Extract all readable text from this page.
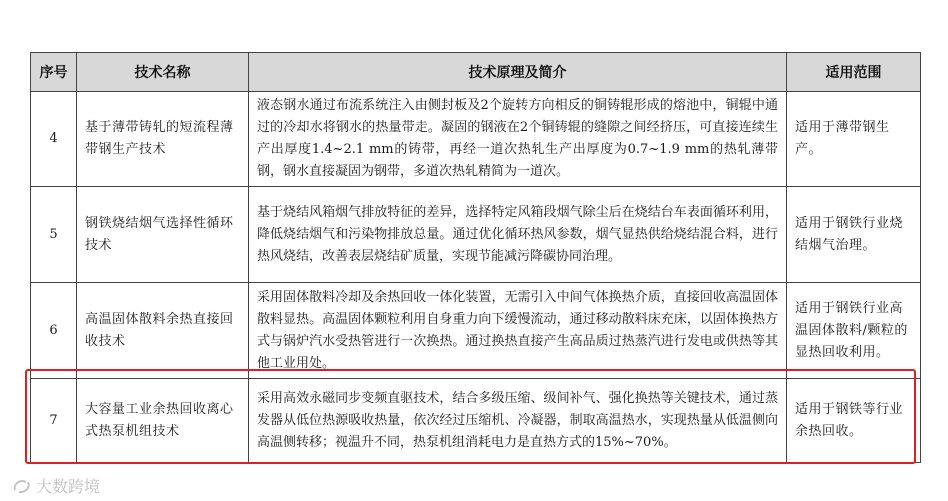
序号	技术名称	技术原理及简介	适用范围
4	基于薄带铸轧的短流程薄带钢生产技术	液态钢水通过布流系统注入由侧封板及2个旋转方向相反的铜铸辊形成的熔池中，铜辊中通过的冷却水将钢水的热量带走。凝固的钢液在2个铜铸辊的缝隙之间经挤压，可直接连续生产出厚度1.4~2.1 mm的铸带，再经一道次热轧生产出厚度为0.7~1.9 mm的热轧薄带钢，钢水直接凝固为钢带，多道次热轧精简为一道次。	适用于薄带钢生产。
5	钢铁烧结烟气选择性循环技术	基于烧结风箱烟气排放特征的差异，选择特定风箱段烟气除尘后在烧结台车表面循环利用，降低烧结烟气和污染物排放总量。通过优化循环热风参数，烟气显热供给烧结混合料，进行热风烧结，改善表层烧结矿质量，实现节能减污降碳协同治理。	适用于钢铁行业烧结烟气治理。
6	高温固体散料余热直接回收技术	采用固体散料冷却及余热回收一体化装置，无需引入中间气体换热介质，直接回收高温固体散料显热。高温固体颗粒利用自身重力向下缓慢流动，通过移动散料床充床，以固体换热方式与锅炉汽水受热管进行一次换热。通过换热直接产生高品质过热蒸汽进行发电或供热等其他工业用处。	适用于钢铁行业高温固体散料/颗粒的显热回收利用。
7	大容量工业余热回收离心式热泵机组技术	采用高效永磁同步变频直驱技术，结合多级压缩、级间补气、强化换热等关键技术，通过蒸发器从低位热源吸收热量，依次经过压缩机、冷凝器，制取高温热水，实现热量从低温侧向高温侧转移；视温升不同，热泵机组消耗电力是直热方式的15%~70%。	适用于钢铁等行业余热回收。
大数跨境
